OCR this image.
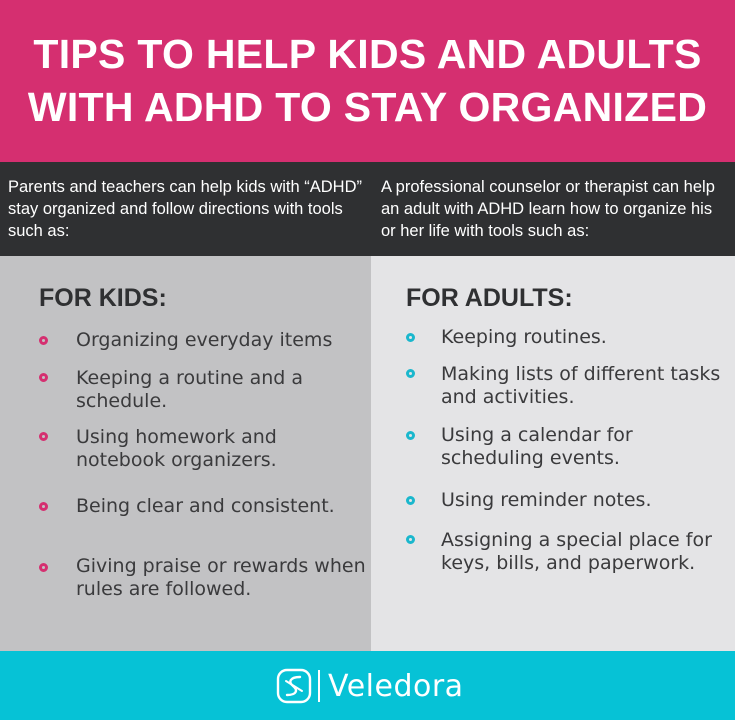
TIPS TO HELP KIDS AND ADULTS
WITH ADHD TO STAY ORGANIZED
Parents and teachers can help kids with “ADHD” stay organized and follow directions with tools such as:
A professional counselor or therapist can help an adult with ADHD learn how to organize his or her life with tools such as:
FOR KIDS:
Organizing everyday items
Keeping a routine and a schedule.
Using homework and notebook organizers.
Being clear and consistent.
Giving praise or rewards when rules are followed.
FOR ADULTS:
Keeping routines.
Making lists of different tasks and activities.
Using a calendar for scheduling events.
Using reminder notes.
Assigning a special place for keys, bills, and paperwork.
Veledora
